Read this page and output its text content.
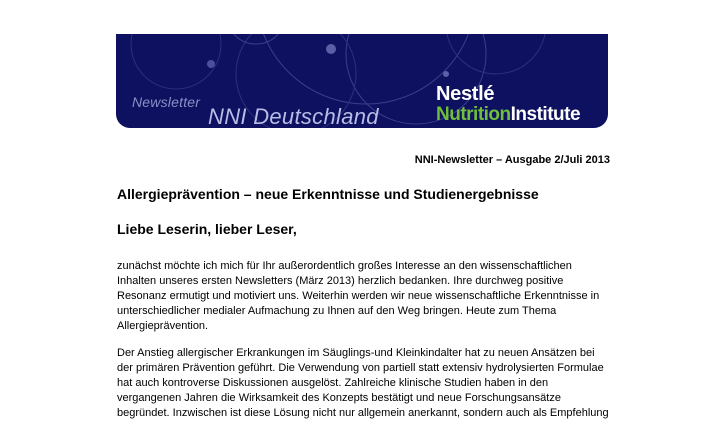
Newsletter
NNI Deutschland
Nestlé
NutritionInstitute
NNI-Newsletter – Ausgabe 2/Juli 2013
Allergieprävention – neue Erkenntnisse und Studienergebnisse
Liebe Leserin, lieber Leser,
zunächst möchte ich mich für Ihr außerordentlich großes Interesse an den wissenschaftlichen
Inhalten unseres ersten Newsletters (März 2013) herzlich bedanken. Ihre durchweg positive
Resonanz ermutigt und motiviert uns. Weiterhin werden wir neue wissenschaftliche Erkenntnisse in
unterschiedlicher medialer Aufmachung zu Ihnen auf den Weg bringen. Heute zum Thema
Allergieprävention.
Der Anstieg allergischer Erkrankungen im Säuglings-und Kleinkindalter hat zu neuen Ansätzen bei
der primären Prävention geführt. Die Verwendung von partiell statt extensiv hydrolysierten Formulae
hat auch kontroverse Diskussionen ausgelöst. Zahlreiche klinische Studien haben in den
vergangenen Jahren die Wirksamkeit des Konzepts bestätigt und neue Forschungsansätze
begründet. Inzwischen ist diese Lösung nicht nur allgemein anerkannt, sondern auch als Empfehlung
